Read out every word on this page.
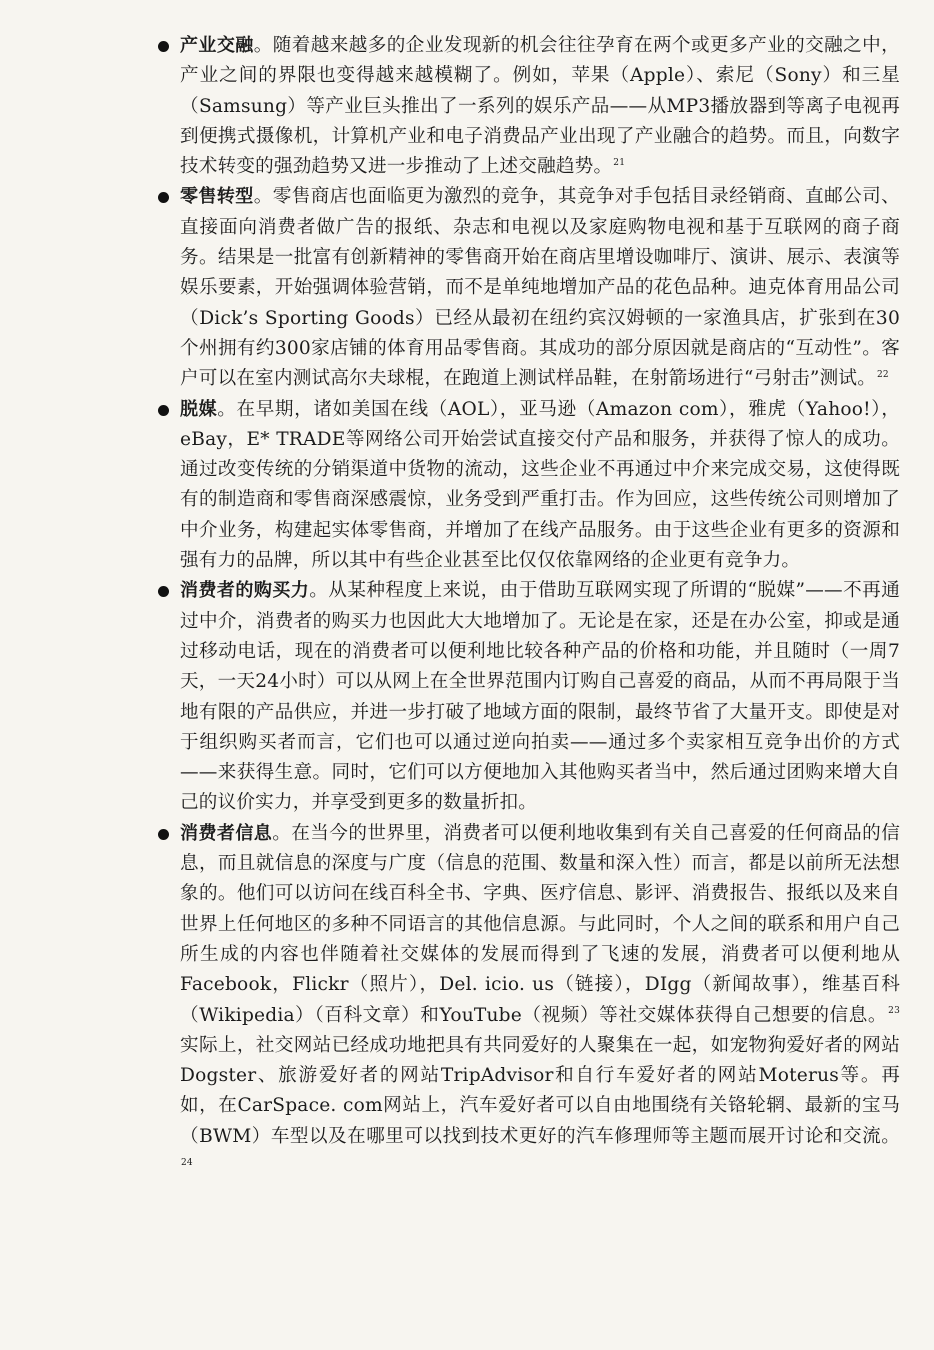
产业交融。随着越来越多的企业发现新的机会往往孕育在两个或更多产业的交融之中，产业之间的界限也变得越来越模糊了。例如，苹果（Apple）、索尼（Sony）和三星（Samsung）等产业巨头推出了一系列的娱乐产品——从MP3播放器到等离子电视再到便携式摄像机，计算机产业和电子消费品产业出现了产业融合的趋势。而且，向数字技术转变的强劲趋势又进一步推动了上述交融趋势。$^{21}$
零售转型。零售商店也面临更为激烈的竞争，其竞争对手包括目录经销商、直邮公司、直接面向消费者做广告的报纸、杂志和电视以及家庭购物电视和基于互联网的商子商务。结果是一批富有创新精神的零售商开始在商店里增设咖啡厅、演讲、展示、表演等娱乐要素，开始强调体验营销，而不是单纯地增加产品的花色品种。迪克体育用品公司（Dick’s Sporting Goods）已经从最初在纽约宾汉姆顿的一家渔具店，扩张到在30个州拥有约300家店铺的体育用品零售商。其成功的部分原因就是商店的“互动性”。客户可以在室内测试高尔夫球棍，在跑道上测试样品鞋，在射箭场进行“弓射击”测试。$^{22}$
脱媒。在早期，诸如美国在线（AOL），亚马逊（Amazon com），雅虎（Yahoo!），eBay，E* TRADE等网络公司开始尝试直接交付产品和服务，并获得了惊人的成功。通过改变传统的分销渠道中货物的流动，这些企业不再通过中介来完成交易，这使得既有的制造商和零售商深感震惊，业务受到严重打击。作为回应，这些传统公司则增加了中介业务，构建起实体零售商，并增加了在线产品服务。由于这些企业有更多的资源和强有力的品牌，所以其中有些企业甚至比仅仅依靠网络的企业更有竞争力。
消费者的购买力。从某种程度上来说，由于借助互联网实现了所谓的“脱媒”——不再通过中介，消费者的购买力也因此大大地增加了。无论是在家，还是在办公室，抑或是通过移动电话，现在的消费者可以便利地比较各种产品的价格和功能，并且随时（一周7天，一天24小时）可以从网上在全世界范围内订购自己喜爱的商品，从而不再局限于当地有限的产品供应，并进一步打破了地域方面的限制，最终节省了大量开支。即使是对于组织购买者而言，它们也可以通过逆向拍卖——通过多个卖家相互竞争出价的方式——来获得生意。同时，它们可以方便地加入其他购买者当中，然后通过团购来增大自己的议价实力，并享受到更多的数量折扣。
消费者信息。在当今的世界里，消费者可以便利地收集到有关自己喜爱的任何商品的信息，而且就信息的深度与广度（信息的范围、数量和深入性）而言，都是以前所无法想象的。他们可以访问在线百科全书、字典、医疗信息、影评、消费报告、报纸以及来自世界上任何地区的多种不同语言的其他信息源。与此同时，个人之间的联系和用户自己所生成的内容也伴随着社交媒体的发展而得到了飞速的发展，消费者可以便利地从Facebook，Flickr（照片），Del. icio. us（链接），DIgg（新闻故事），维基百科（Wikipedia）（百科文章）和YouTube（视频）等社交媒体获得自己想要的信息。$^{23}$实际上，社交网站已经成功地把具有共同爱好的人聚集在一起，如宠物狗爱好者的网站Dogster、旅游爱好者的网站TripAdvisor和自行车爱好者的网站Moterus等。再如，在CarSpace. com网站上，汽车爱好者可以自由地围绕有关铬轮辋、最新的宝马（BWM）车型以及在哪里可以找到技术更好的汽车修理师等主题而展开讨论和交流。$^{24}$
